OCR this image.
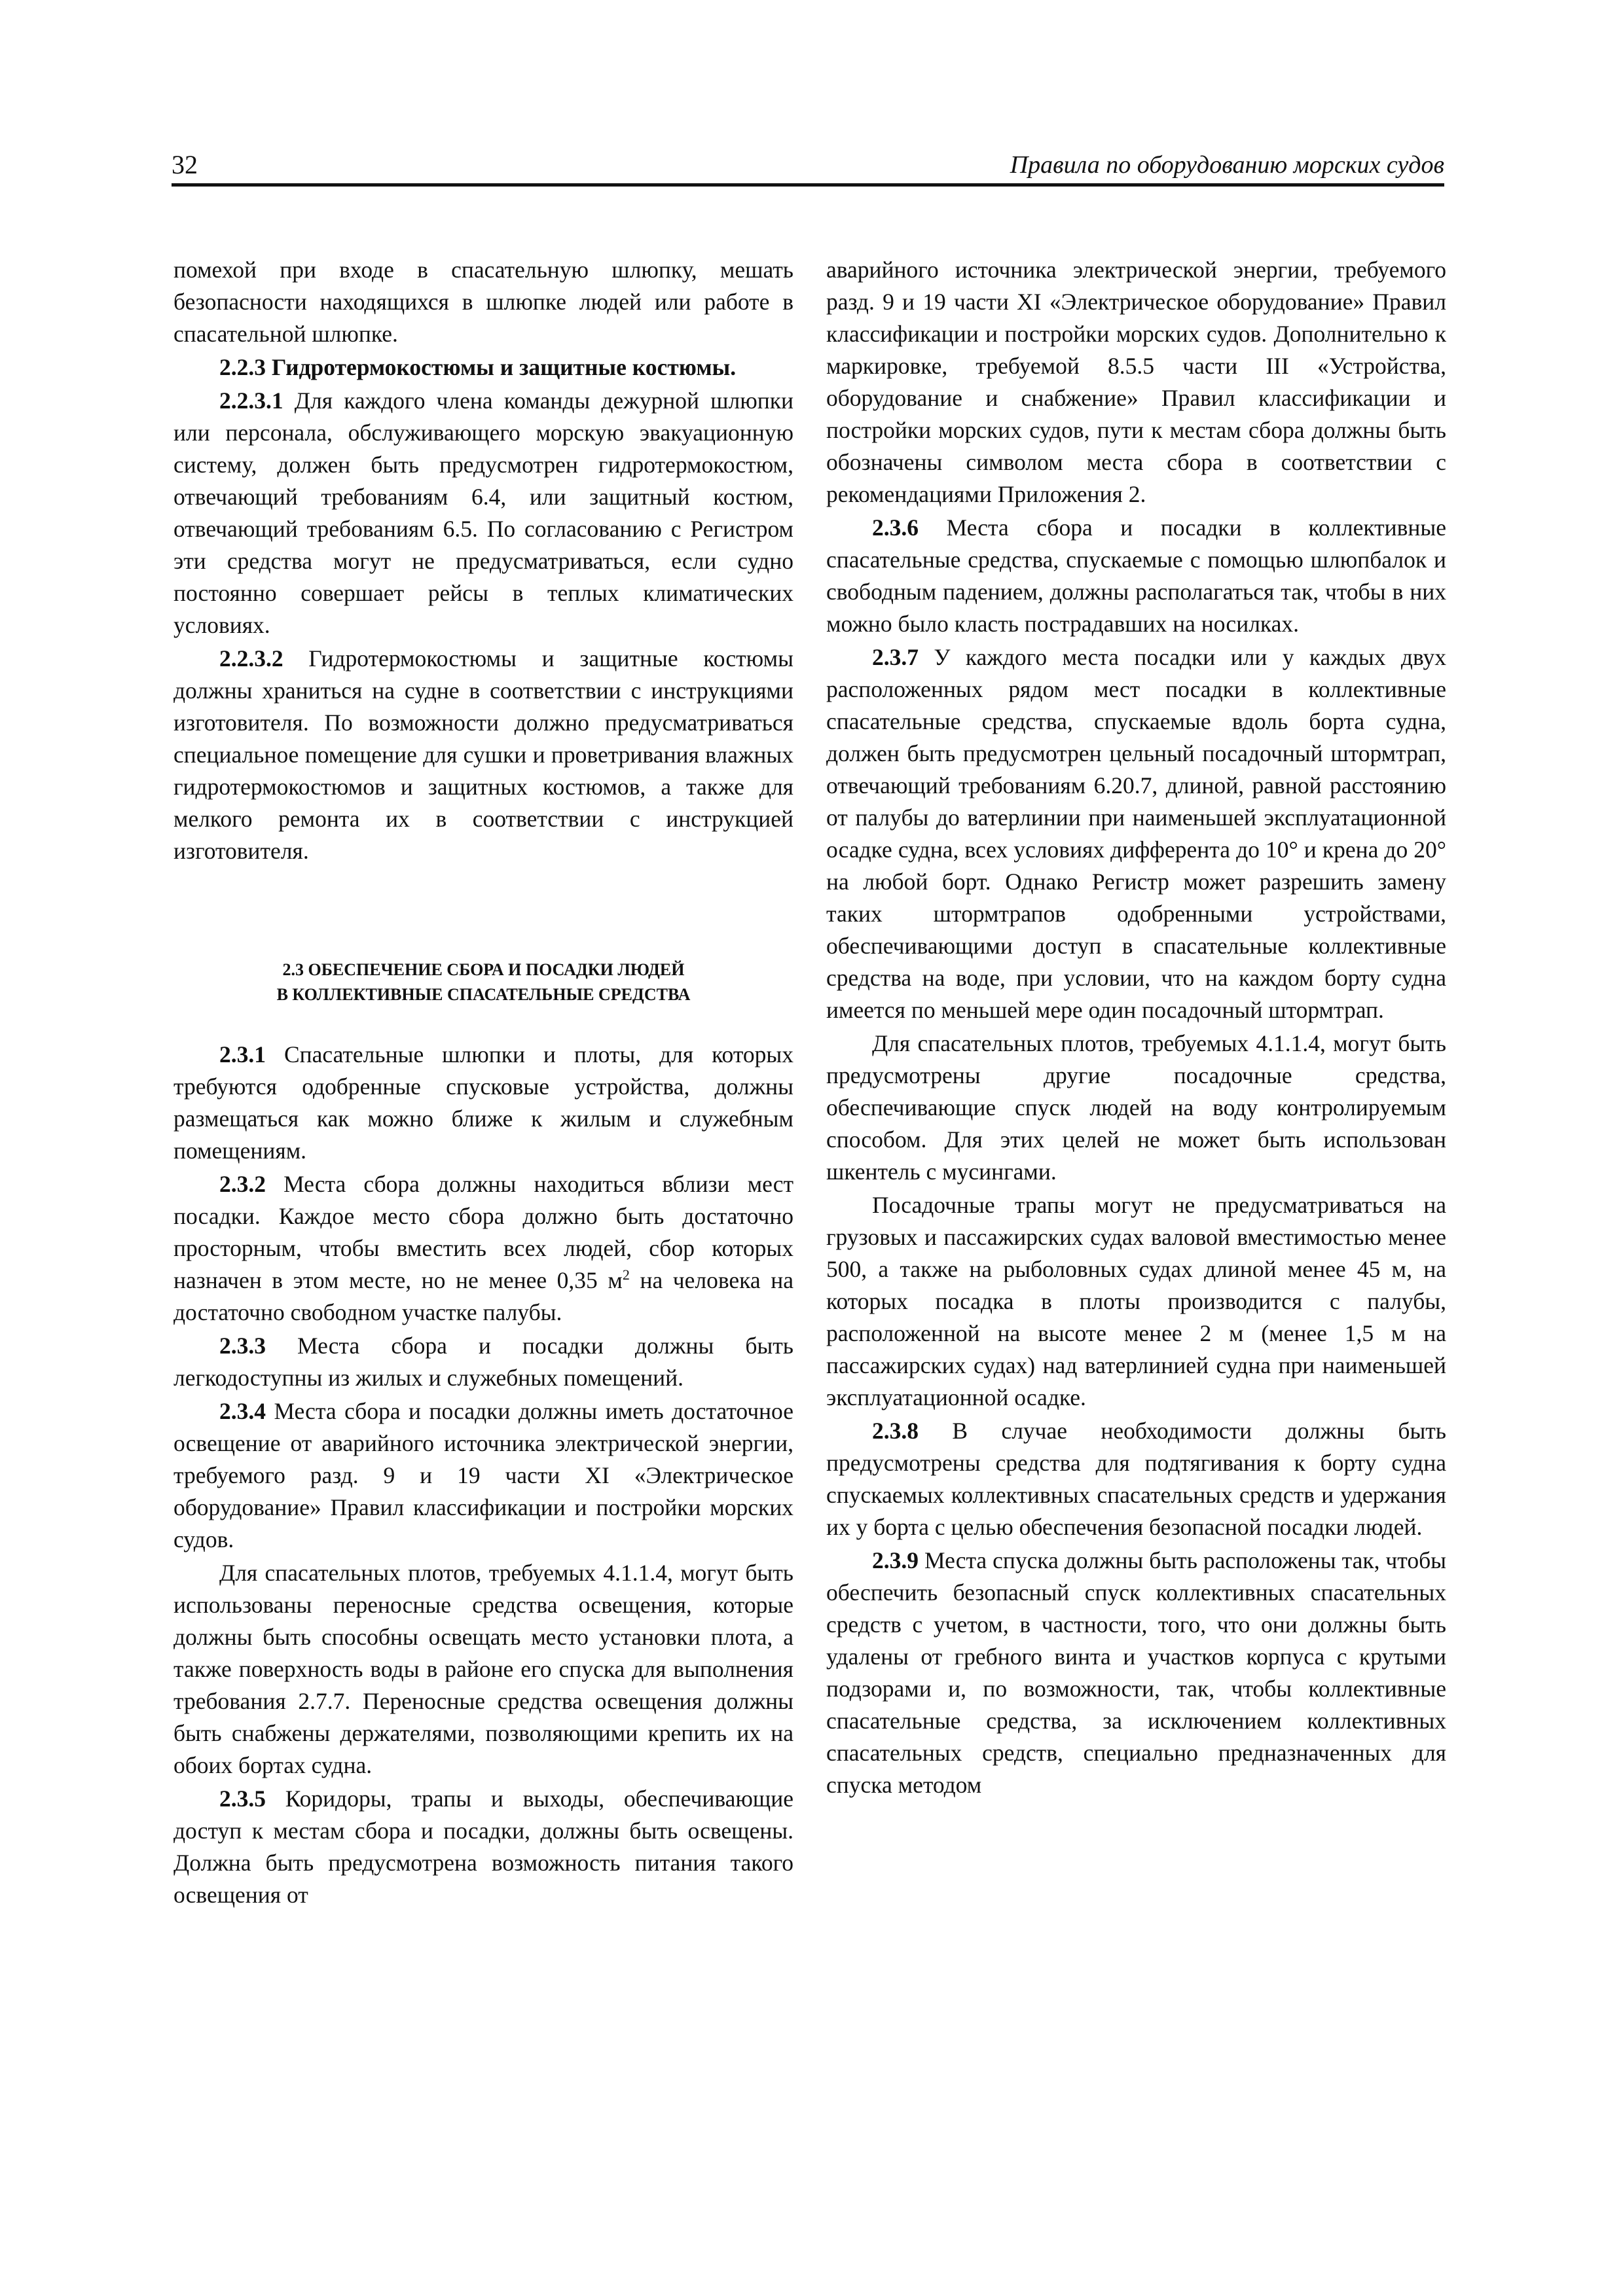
32	Правила по оборудованию морских судов

помехой при входе в спасательную шлюпку, мешать безопасности находящихся в шлюпке людей или работе в спасательной шлюпке.

2.2.3 Гидротермокостюмы и защитные костюмы.

2.2.3.1 Для каждого члена команды дежурной шлюпки или персонала, обслуживающего морскую эвакуационную систему, должен быть предусмотрен гидротермокостюм, отвечающий требованиям 6.4, или защитный костюм, отвечающий требованиям 6.5. По согласованию с Регистром эти средства могут не предусматриваться, если судно постоянно совершает рейсы в теплых климатических условиях.

2.2.3.2 Гидротермокостюмы и защитные костюмы должны храниться на судне в соответствии с инструкциями изготовителя. По возможности должно предусматриваться специальное помещение для сушки и проветривания влажных гидротермокостюмов и защитных костюмов, а также для мелкого ремонта их в соответствии с инструкцией изготовителя.

2.3 ОБЕСПЕЧЕНИЕ СБОРА И ПОСАДКИ ЛЮДЕЙ
В КОЛЛЕКТИВНЫЕ СПАСАТЕЛЬНЫЕ СРЕДСТВА

2.3.1 Спасательные шлюпки и плоты, для которых требуются одобренные спусковые устройства, должны размещаться как можно ближе к жилым и служебным помещениям.

2.3.2 Места сбора должны находиться вблизи мест посадки. Каждое место сбора должно быть достаточно просторным, чтобы вместить всех людей, сбор которых назначен в этом месте, но не менее 0,35 $м^2$ на человека на достаточно свободном участке палубы.

2.3.3 Места сбора и посадки должны быть легкодоступны из жилых и служебных помещений.

2.3.4 Места сбора и посадки должны иметь достаточное освещение от аварийного источника электрической энергии, требуемого разд. 9 и 19 части XI «Электрическое оборудование» Правил классификации и постройки морских судов.

Для спасательных плотов, требуемых 4.1.1.4, могут быть использованы переносные средства освещения, которые должны быть способны освещать место установки плота, а также поверхность воды в районе его спуска для выполнения требования 2.7.7. Переносные средства освещения должны быть снабжены держателями, позволяющими крепить их на обоих бортах судна.

2.3.5 Коридоры, трапы и выходы, обеспечивающие доступ к местам сбора и посадки, должны быть освещены. Должна быть предусмотрена возможность питания такого освещения от

аварийного источника электрической энергии, требуемого разд. 9 и 19 части XI «Электрическое оборудование» Правил классификации и постройки морских судов. Дополнительно к маркировке, требуемой 8.5.5 части III «Устройства, оборудование и снабжение» Правил классификации и постройки морских судов, пути к местам сбора должны быть обозначены символом места сбора в соответствии с рекомендациями Приложения 2.

2.3.6 Места сбора и посадки в коллективные спасательные средства, спускаемые с помощью шлюпбалок и свободным падением, должны располагаться так, чтобы в них можно было класть пострадавших на носилках.

2.3.7 У каждого места посадки или у каждых двух расположенных рядом мест посадки в коллективные спасательные средства, спускаемые вдоль борта судна, должен быть предусмотрен цельный посадочный штормтрап, отвечающий требованиям 6.20.7, длиной, равной расстоянию от палубы до ватерлинии при наименьшей эксплуатационной осадке судна, всех условиях дифферента до 10° и крена до 20° на любой борт. Однако Регистр может разрешить замену таких штормтрапов одобренными устройствами, обеспечивающими доступ в спасательные коллективные средства на воде, при условии, что на каждом борту судна имеется по меньшей мере один посадочный штормтрап.

Для спасательных плотов, требуемых 4.1.1.4, могут быть предусмотрены другие посадочные средства, обеспечивающие спуск людей на воду контролируемым способом. Для этих целей не может быть использован шкентель с мусингами.

Посадочные трапы могут не предусматриваться на грузовых и пассажирских судах валовой вместимостью менее 500, а также на рыболовных судах длиной менее 45 м, на которых посадка в плоты производится с палубы, расположенной на высоте менее 2 м (менее 1,5 м на пассажирских судах) над ватерлинией судна при наименьшей эксплуатационной осадке.

2.3.8 В случае необходимости должны быть предусмотрены средства для подтягивания к борту судна спускаемых коллективных спасательных средств и удержания их у борта с целью обеспечения безопасной посадки людей.

2.3.9 Места спуска должны быть расположены так, чтобы обеспечить безопасный спуск коллективных спасательных средств с учетом, в частности, того, что они должны быть удалены от гребного винта и участков корпуса с крутыми подзорами и, по возможности, так, чтобы коллективные спасательные средства, за исключением коллективных спасательных средств, специально предназначенных для спуска методом
